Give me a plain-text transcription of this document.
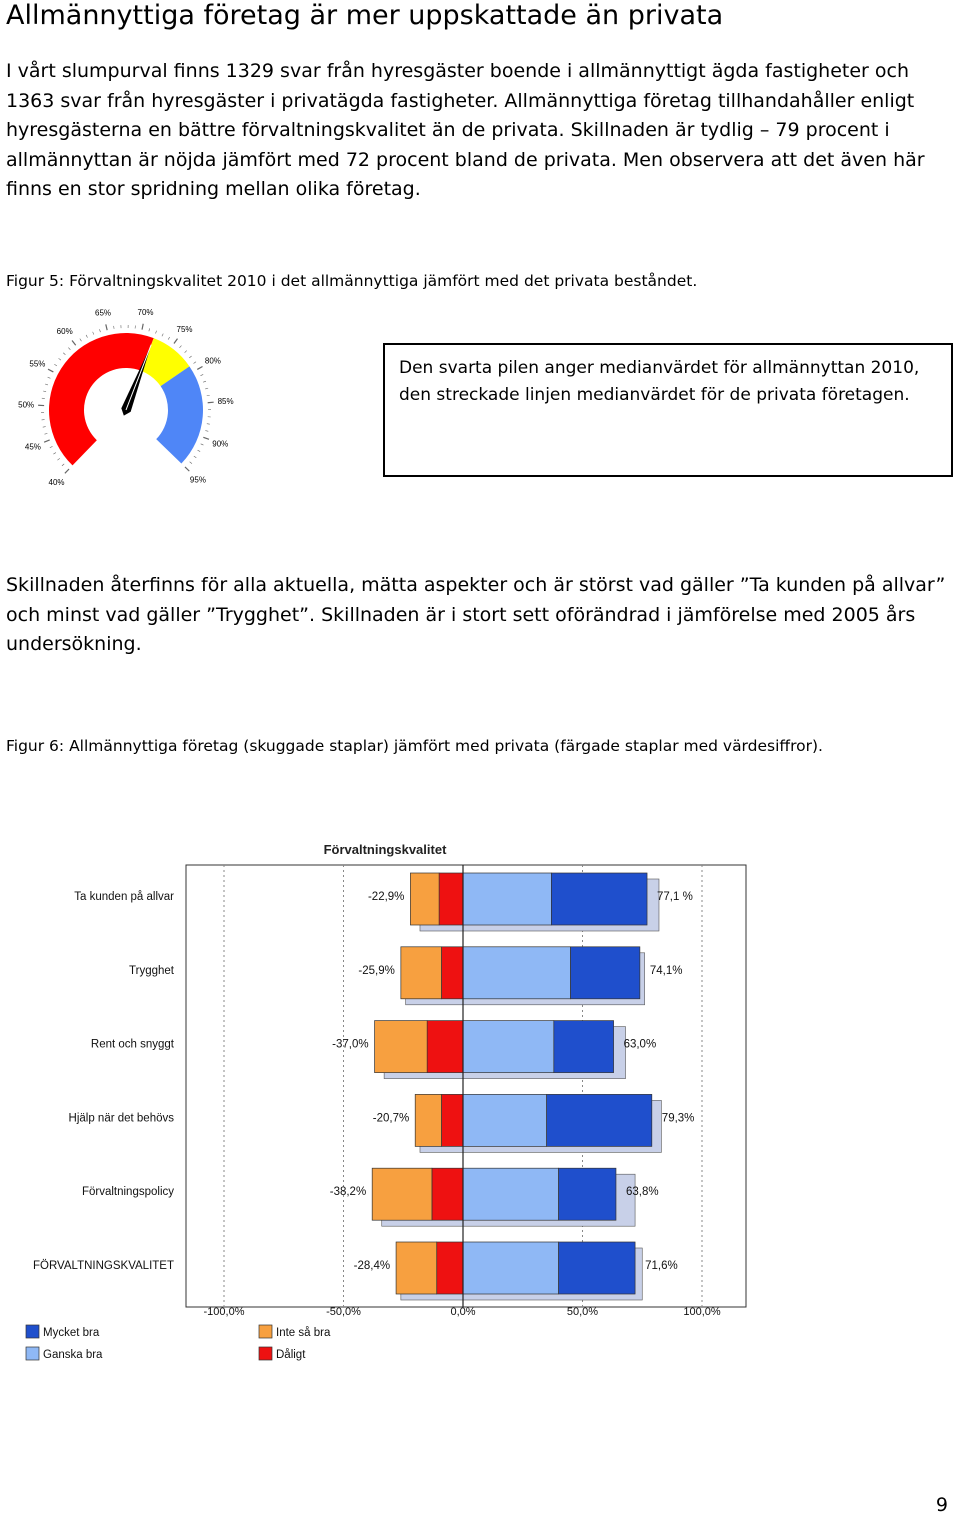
Allmännyttiga företag är mer uppskattade än privata

I vårt slumpurval finns 1329 svar från hyresgäster boende i allmännyttigt ägda fastigheter och 1363 svar från hyresgäster i privatägda fastigheter. Allmännyttiga företag tillhandahåller enligt hyresgästerna en bättre förvaltningskvalitet än de privata. Skillnaden är tydlig – 79 procent i allmännyttan är nöjda jämfört med 72 procent bland de privata. Men observera att det även här finns en stor spridning mellan olika företag.

Figur 5: Förvaltningskvalitet 2010 i det allmännyttiga jämfört med det privata beståndet.

40%
45%
50%
55%
60%
65%	70%
75%
80%
85%
90%
95%
Den svarta pilen anger medianvärdet för allmännyttan 2010, den streckade linjen medianvärdet för de privata företagen.

Skillnaden återfinns för alla aktuella, mätta aspekter och är störst vad gäller ”Ta kunden på allvar” och minst vad gäller ”Trygghet”. Skillnaden är i stort sett oförändrad i jämförelse med 2005 års undersökning.

Figur 6: Allmännyttiga företag (skuggade staplar) jämfört med privata (färgade staplar med värdesiffror).

Förvaltningskvalitet
Ta kunden på allvar	-22,9%	77,1 %
Trygghet	-25,9%	74,1%
Rent och snyggt	-37,0%	63,0%
Hjälp när det behövs	-20,7%	79,3%
Förvaltningspolicy	-38,2%	63,8%
FÖRVALTNINGSKVALITET	-28,4%	71,6%
-100,0%	-50,0%	0,0%	50,0%	100,0%
Mycket bra
Ganska bra
Inte så bra
Dåligt
9
